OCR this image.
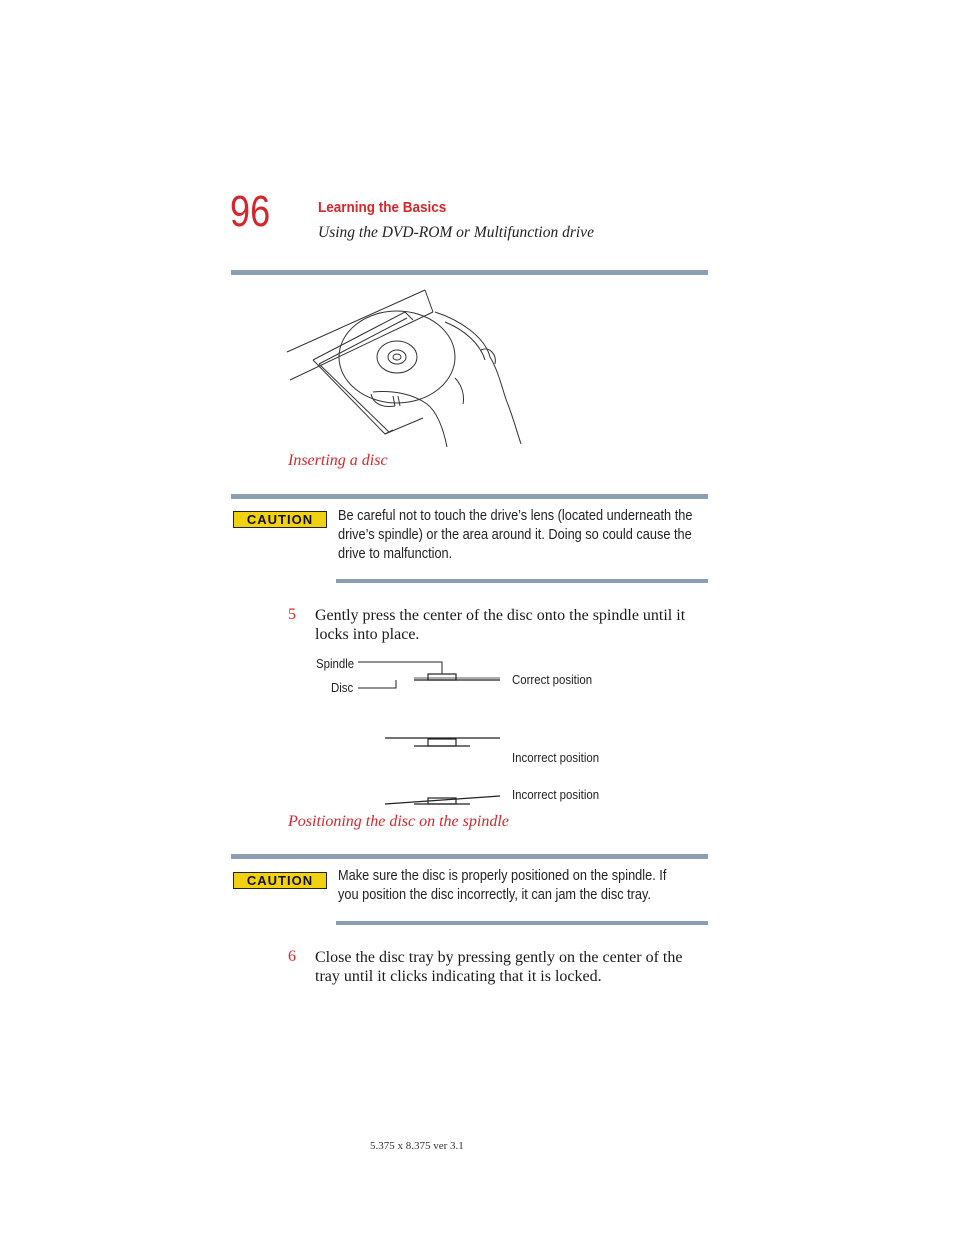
96	Learning the Basics
Using the DVD-ROM or Multifunction drive
Inserting a disc
CAUTION	Be careful not to touch the drive’s lens (located underneath the
drive’s spindle) or the area around it. Doing so could cause the
drive to malfunction.
5 Gently press the center of the disc onto the spindle until it
locks into place.
Spindle
Disc
Correct position
Incorrect position
Incorrect position
Positioning the disc on the spindle
CAUTION	Make sure the disc is properly positioned on the spindle. If
you position the disc incorrectly, it can jam the disc tray.
6 Close the disc tray by pressing gently on the center of the
tray until it clicks indicating that it is locked.
5.375 x 8.375 ver 3.1
